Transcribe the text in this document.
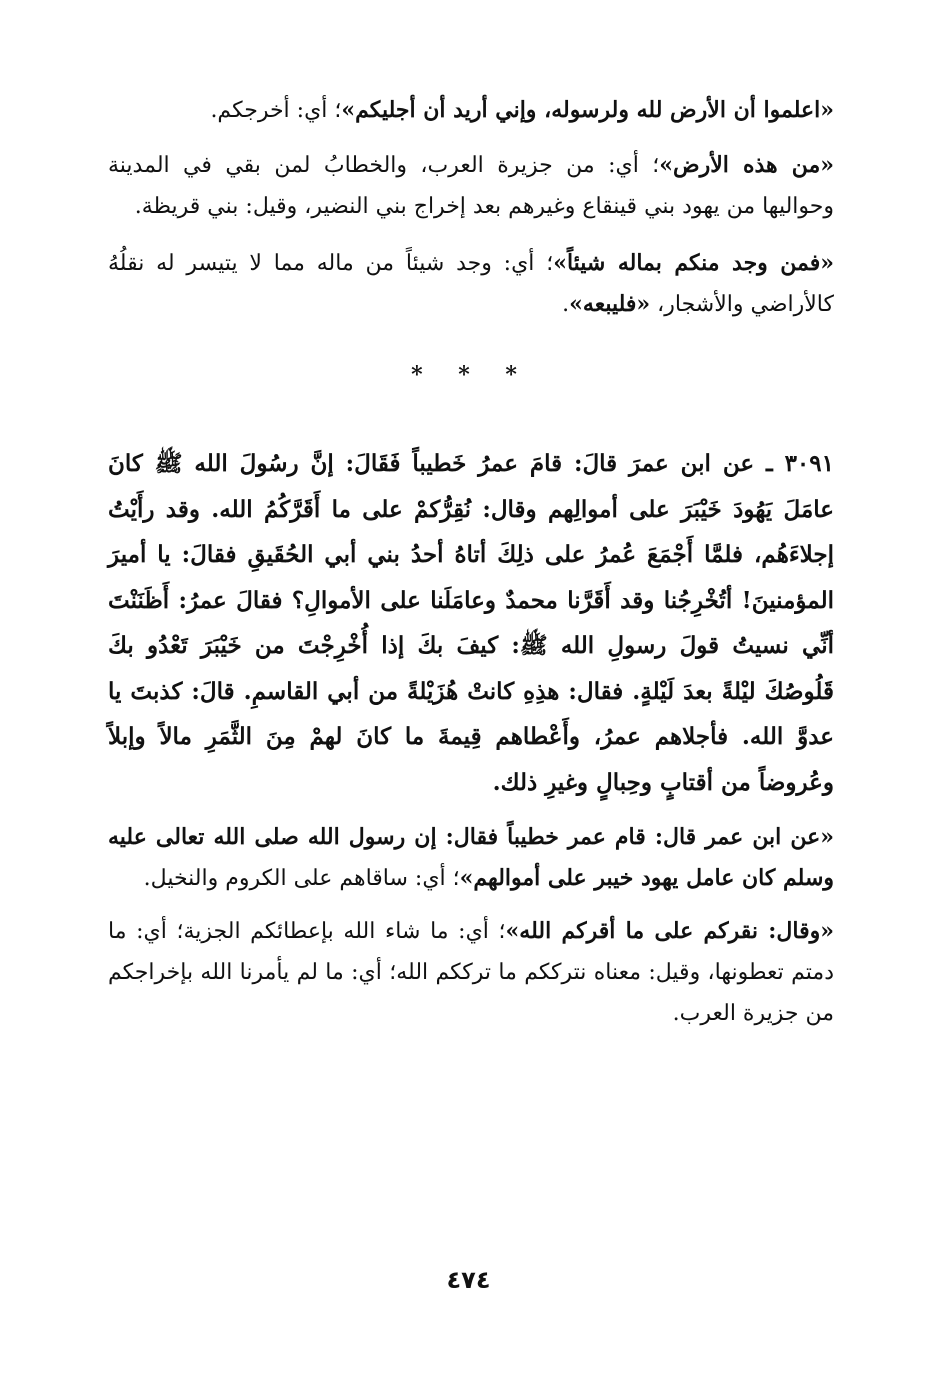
«اعلموا أن الأرض لله ولرسوله، وإني أريد أن أجليكم»؛ أي: أخرجكم.

«من هذه الأرض»؛ أي: من جزيرة العرب، والخطابُ لمن بقي في المدينة وحواليها من يهود بني قينقاع وغيرهم بعد إخراج بني النضير، وقيل: بني قريظة.

«فمن وجد منكم بماله شيئاً»؛ أي: وجد شيئاً من ماله مما لا يتيسر له نقلُهُ كالأراضي والأشجار، «فليبعه».

* * *

٣٠٩١ ـ عن ابن عمرَ قالَ: قامَ عمرُ خَطيباً فَقَالَ: إنَّ رسُولَ الله ﷺ كانَ عامَلَ يَهُودَ خَيْبَرَ على أموالِهم وقال: نُقِرُّكمْ على ما أَقَرَّكُمُ الله. وقد رأَيْتُ إجلاءَهُم، فلمَّا أَجْمَعَ عُمرُ على ذلِكَ أتاهُ أحدُ بني أبي الحُقَيقِ فقالَ: يا أميرَ المؤمنينَ! أتُخْرِجُنا وقد أَقَرَّنا محمدٌ وعامَلَنا على الأموالِ؟ فقالَ عمرُ: أَظَنَنْتَ أنِّي نسيتُ قولَ رسولِ الله ﷺ: كيفَ بكَ إذا أُخْرِجْتَ من خَيْبَرَ تَعْدُو بكَ قَلُوصُكَ ليْلةً بعدَ لَيْلةٍ. فقال: هذِهِ كانتْ هُزَيْلةً من أبي القاسمِ. قالَ: كذبتَ يا عدوَّ الله. فأجلاهم عمرُ، وأَعْطاهم قِيمةَ ما كانَ لهمْ مِنَ الثَّمَرِ مالاً وإبلاً وعُروضاً من أقتابٍ وحِبالٍ وغيرِ ذلك.

«عن ابن عمر قال: قام عمر خطيباً فقال: إن رسول الله صلى الله تعالى عليه وسلم كان عامل يهود خيبر على أموالهم»؛ أي: ساقاهم على الكروم والنخيل.

«وقال: نقركم على ما أقركم الله»؛ أي: ما شاء الله بإعطائكم الجزية؛ أي: ما دمتم تعطونها، وقيل: معناه نترككم ما ترككم الله؛ أي: ما لم يأمرنا الله بإخراجكم من جزيرة العرب.

٤٧٤
